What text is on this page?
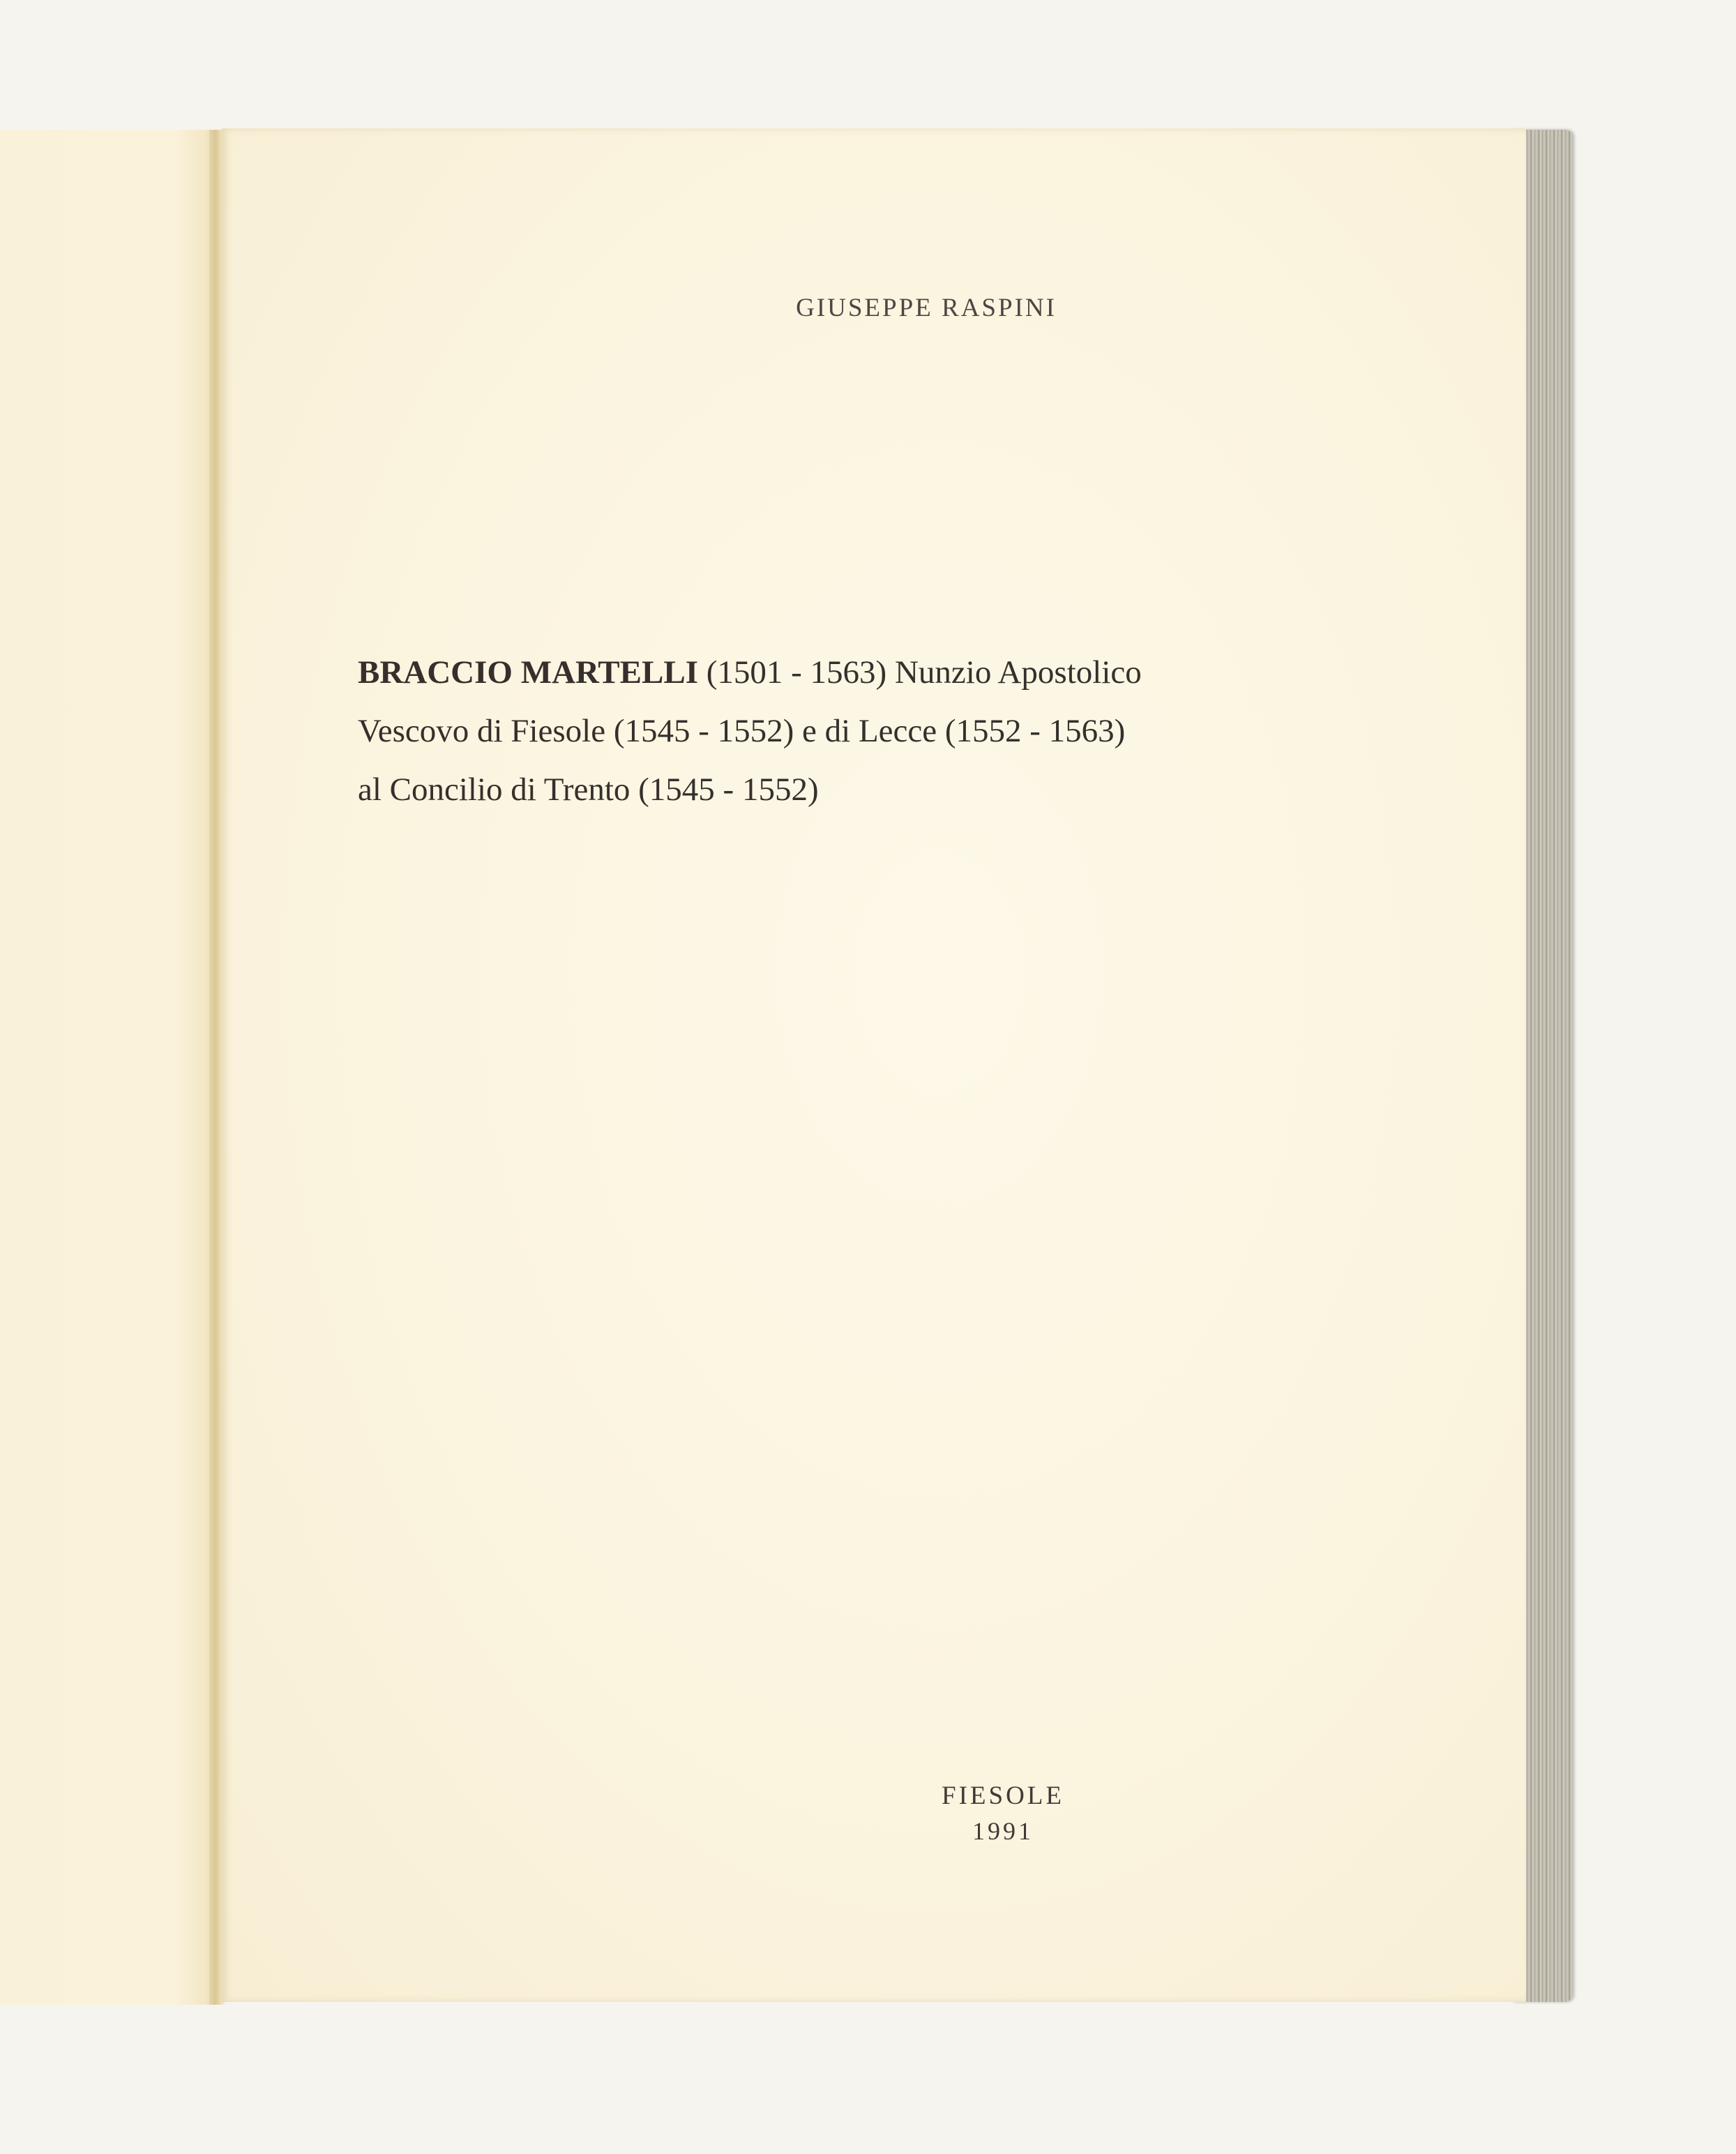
GIUSEPPE RASPINI

BRACCIO MARTELLI (1501 - 1563) Nunzio Apostolico

Vescovo di Fiesole (1545 - 1552) e di Lecce (1552 - 1563)

al Concilio di Trento (1545 - 1552)

FIESOLE

1991
